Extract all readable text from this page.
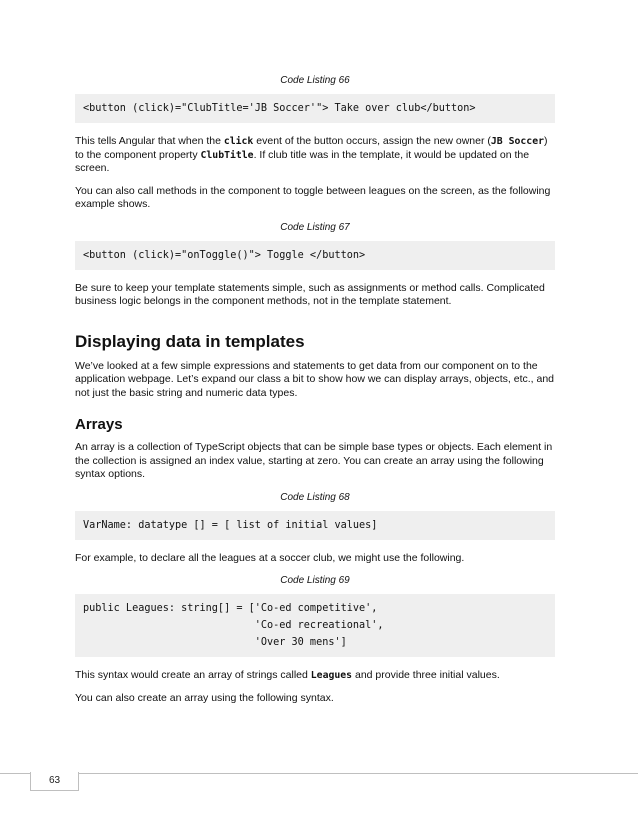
Code Listing 66
<button (click)="ClubTitle='JB Soccer'"> Take over club</button>

This tells Angular that when the click event of the button occurs, assign the new owner (JB Soccer) to the component property ClubTitle. If club title was in the template, it would be updated on the screen.

You can also call methods in the component to toggle between leagues on the screen, as the following example shows.

Code Listing 67
<button (click)="onToggle()"> Toggle </button>

Be sure to keep your template statements simple, such as assignments or method calls. Complicated business logic belongs in the component methods, not in the template statement.

Displaying data in templates

We’ve looked at a few simple expressions and statements to get data from our component on to the application webpage. Let’s expand our class a bit to show how we can display arrays, objects, etc., and not just the basic string and numeric data types.

Arrays

An array is a collection of TypeScript objects that can be simple base types or objects. Each element in the collection is assigned an index value, starting at zero. You can create an array using the following syntax options.

Code Listing 68
VarName: datatype [] = [ list of initial values]

For example, to declare all the leagues at a soccer club, we might use the following.

Code Listing 69
public Leagues: string[] = ['Co-ed competitive',
'Co-ed recreational',
'Over 30 mens']

This syntax would create an array of strings called Leagues and provide three initial values.

You can also create an array using the following syntax.

63
